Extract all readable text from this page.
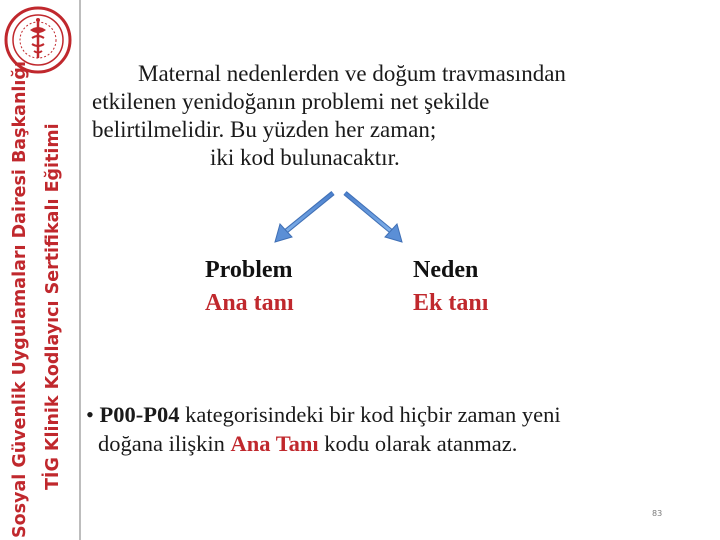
Sosyal Güvenlik Uygulamaları Dairesi Başkanlığı TİG Klinik Kodlayıcı Sertifikalı Eğitimi
Maternal nedenlerden ve doğum travmasından
etkilenen yenidoğanın problemi net şekilde
belirtilmelidir. Bu yüzden her zaman;
iki kod bulunacaktır.
Problem
Ana tanı
Neden
Ek tanı
• P00-P04 kategorisindeki bir kod hiçbir zaman yeni
doğana ilişkin Ana Tanı kodu olarak atanmaz.
83
